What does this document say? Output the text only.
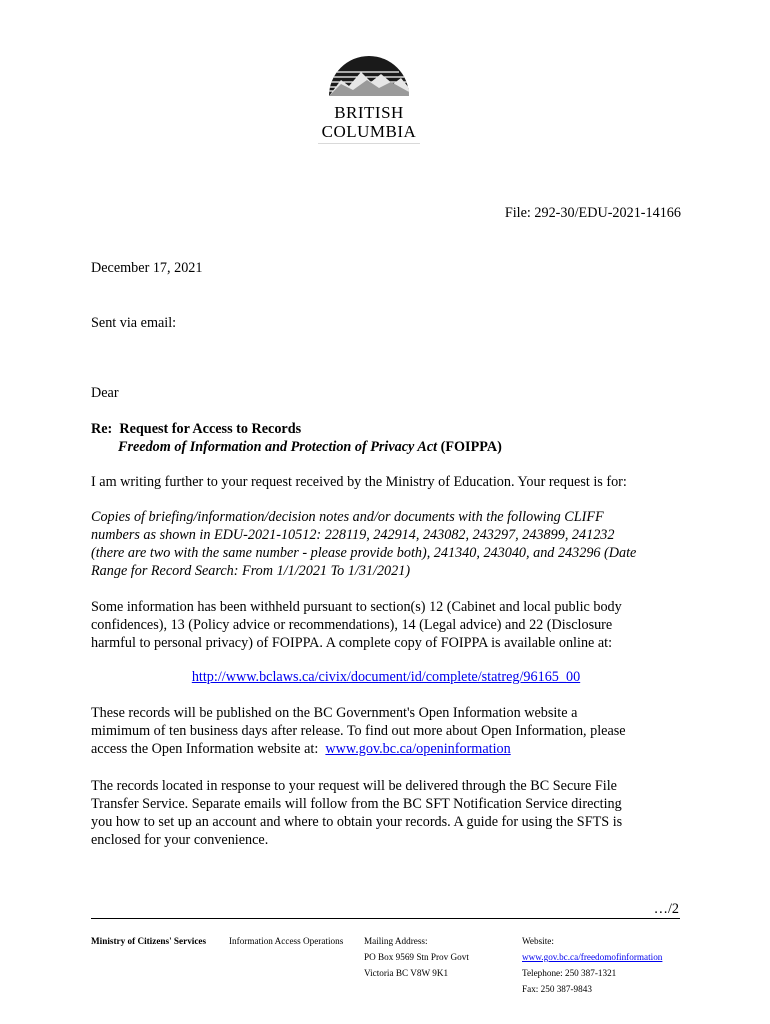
BRITISH
COLUMBIA
File: 292-30/EDU-2021-14166
December 17, 2021
Sent via email:
Dear
Re: Request for Access to Records
Freedom of Information and Protection of Privacy Act (FOIPPA)
I am writing further to your request received by the Ministry of Education. Your request is for:
Copies of briefing/information/decision notes and/or documents with the following CLIFF
numbers as shown in EDU-2021-10512: 228119, 242914, 243082, 243297, 243899, 241232
(there are two with the same number - please provide both), 241340, 243040, and 243296 (Date
Range for Record Search: From 1/1/2021 To 1/31/2021)
Some information has been withheld pursuant to section(s) 12 (Cabinet and local public body
confidences), 13 (Policy advice or recommendations), 14 (Legal advice) and 22 (Disclosure
harmful to personal privacy) of FOIPPA. A complete copy of FOIPPA is available online at:
http://www.bclaws.ca/civix/document/id/complete/statreg/96165_00
These records will be published on the BC Government's Open Information website a
mimimum of ten business days after release. To find out more about Open Information, please
access the Open Information website at:  www.gov.bc.ca/openinformation
The records located in response to your request will be delivered through the BC Secure File
Transfer Service. Separate emails will follow from the BC SFT Notification Service directing
you how to set up an account and where to obtain your records. A guide for using the SFTS is
enclosed for your convenience.
…/2
Ministry of Citizens' Services Information Access Operations Mailing Address:
PO Box 9569 Stn Prov Govt
Victoria BC V8W 9K1
Website:
www.gov.bc.ca/freedomofinformation
Telephone: 250 387-1321
Fax: 250 387-9843
